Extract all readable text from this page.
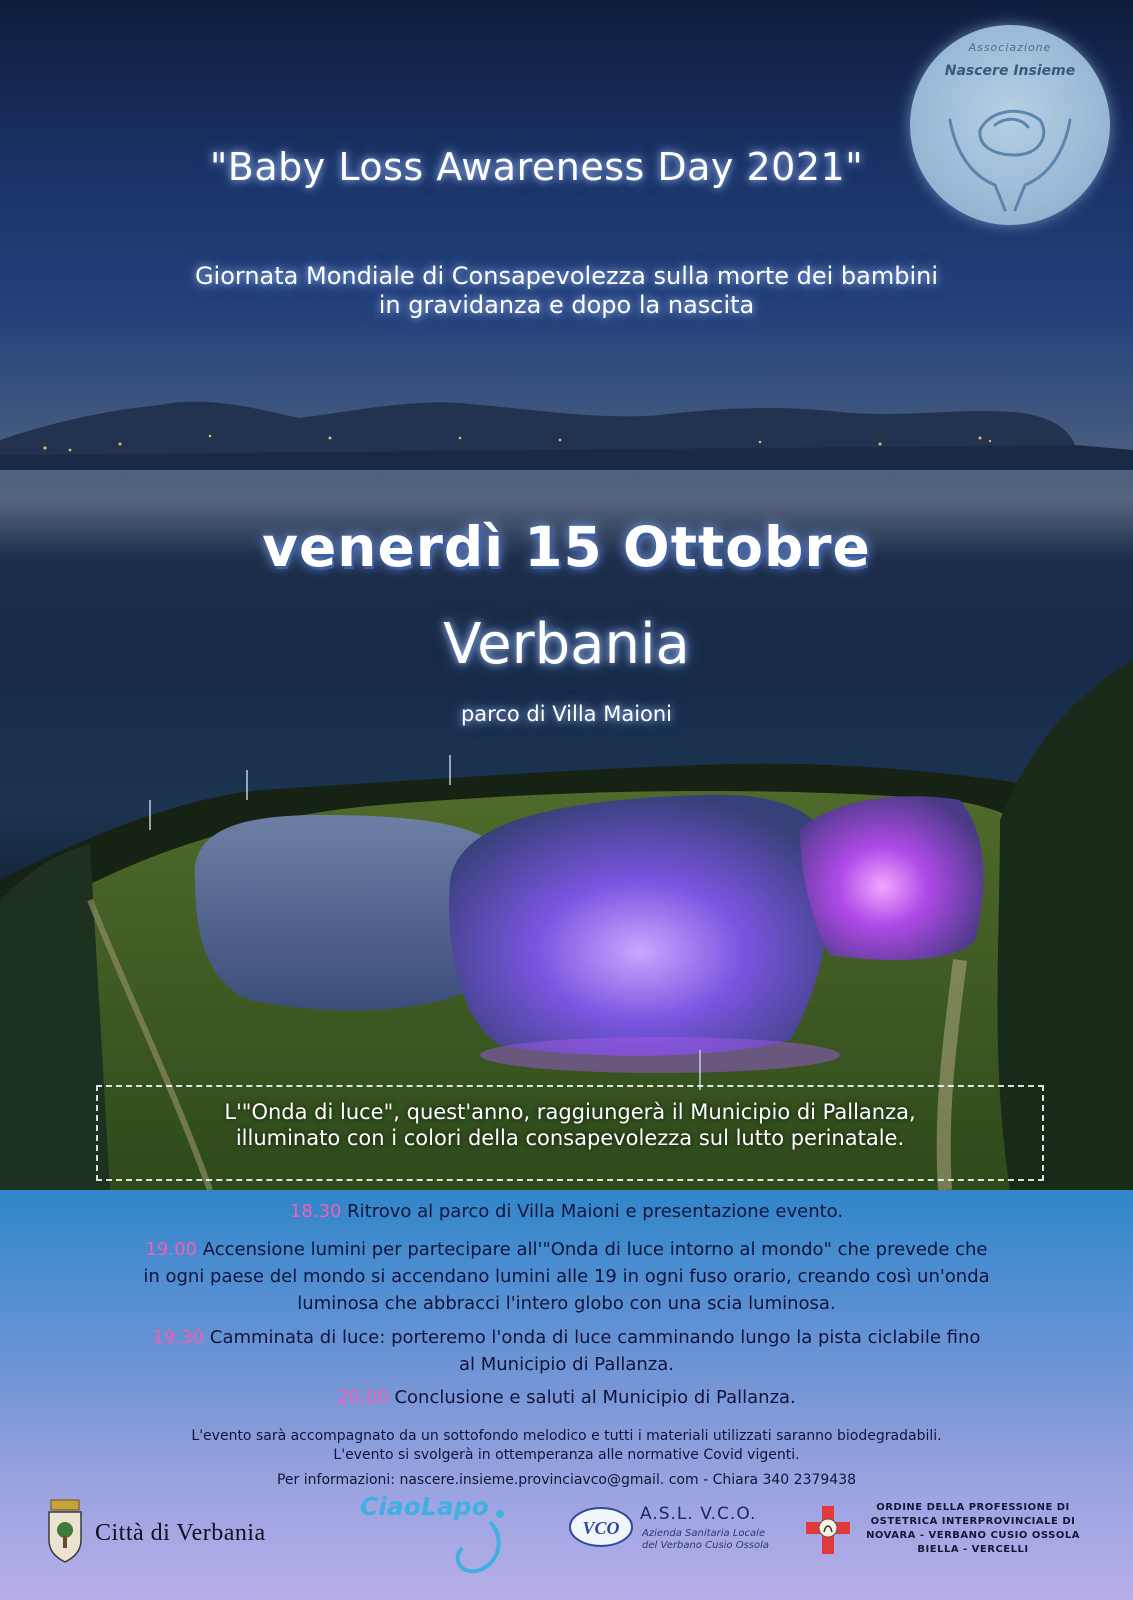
"Baby Loss Awareness Day 2021"
Giornata Mondiale di Consapevolezza sulla morte dei bambini
in gravidanza e dopo la nascita
venerdì 15 Ottobre
Verbania
parco di Villa Maioni
Associazione
Nascere Insieme
L'"Onda di luce", quest'anno, raggiungerà il Municipio di Pallanza,
illuminato con i colori della consapevolezza sul lutto perinatale.
18.30 Ritrovo al parco di Villa Maioni e presentazione evento.
19.00 Accensione lumini per partecipare all'"Onda di luce intorno al mondo" che prevede che
in ogni paese del mondo si accendano lumini alle 19 in ogni fuso orario, creando così un'onda
luminosa che abbracci l'intero globo con una scia luminosa.
19.30 Camminata di luce: porteremo l'onda di luce camminando lungo la pista ciclabile fino
al Municipio di Pallanza.
20.00 Conclusione e saluti al Municipio di Pallanza.
L'evento sarà accompagnato da un sottofondo melodico e tutti i materiali utilizzati saranno biodegradabili.
L'evento si svolgerà in ottemperanza alle normative Covid vigenti.
Per informazioni: nascere.insieme.provinciavco@gmail. com - Chiara 340 2379438
Città di Verbania
CiaoLapo
VCO
A.S.L. V.C.O.
Azienda Sanitaria Locale
del Verbano Cusio Ossola
ORDINE DELLA PROFESSIONE DI
OSTETRICA INTERPROVINCIALE DI
NOVARA - VERBANO CUSIO OSSOLA
BIELLA - VERCELLI
